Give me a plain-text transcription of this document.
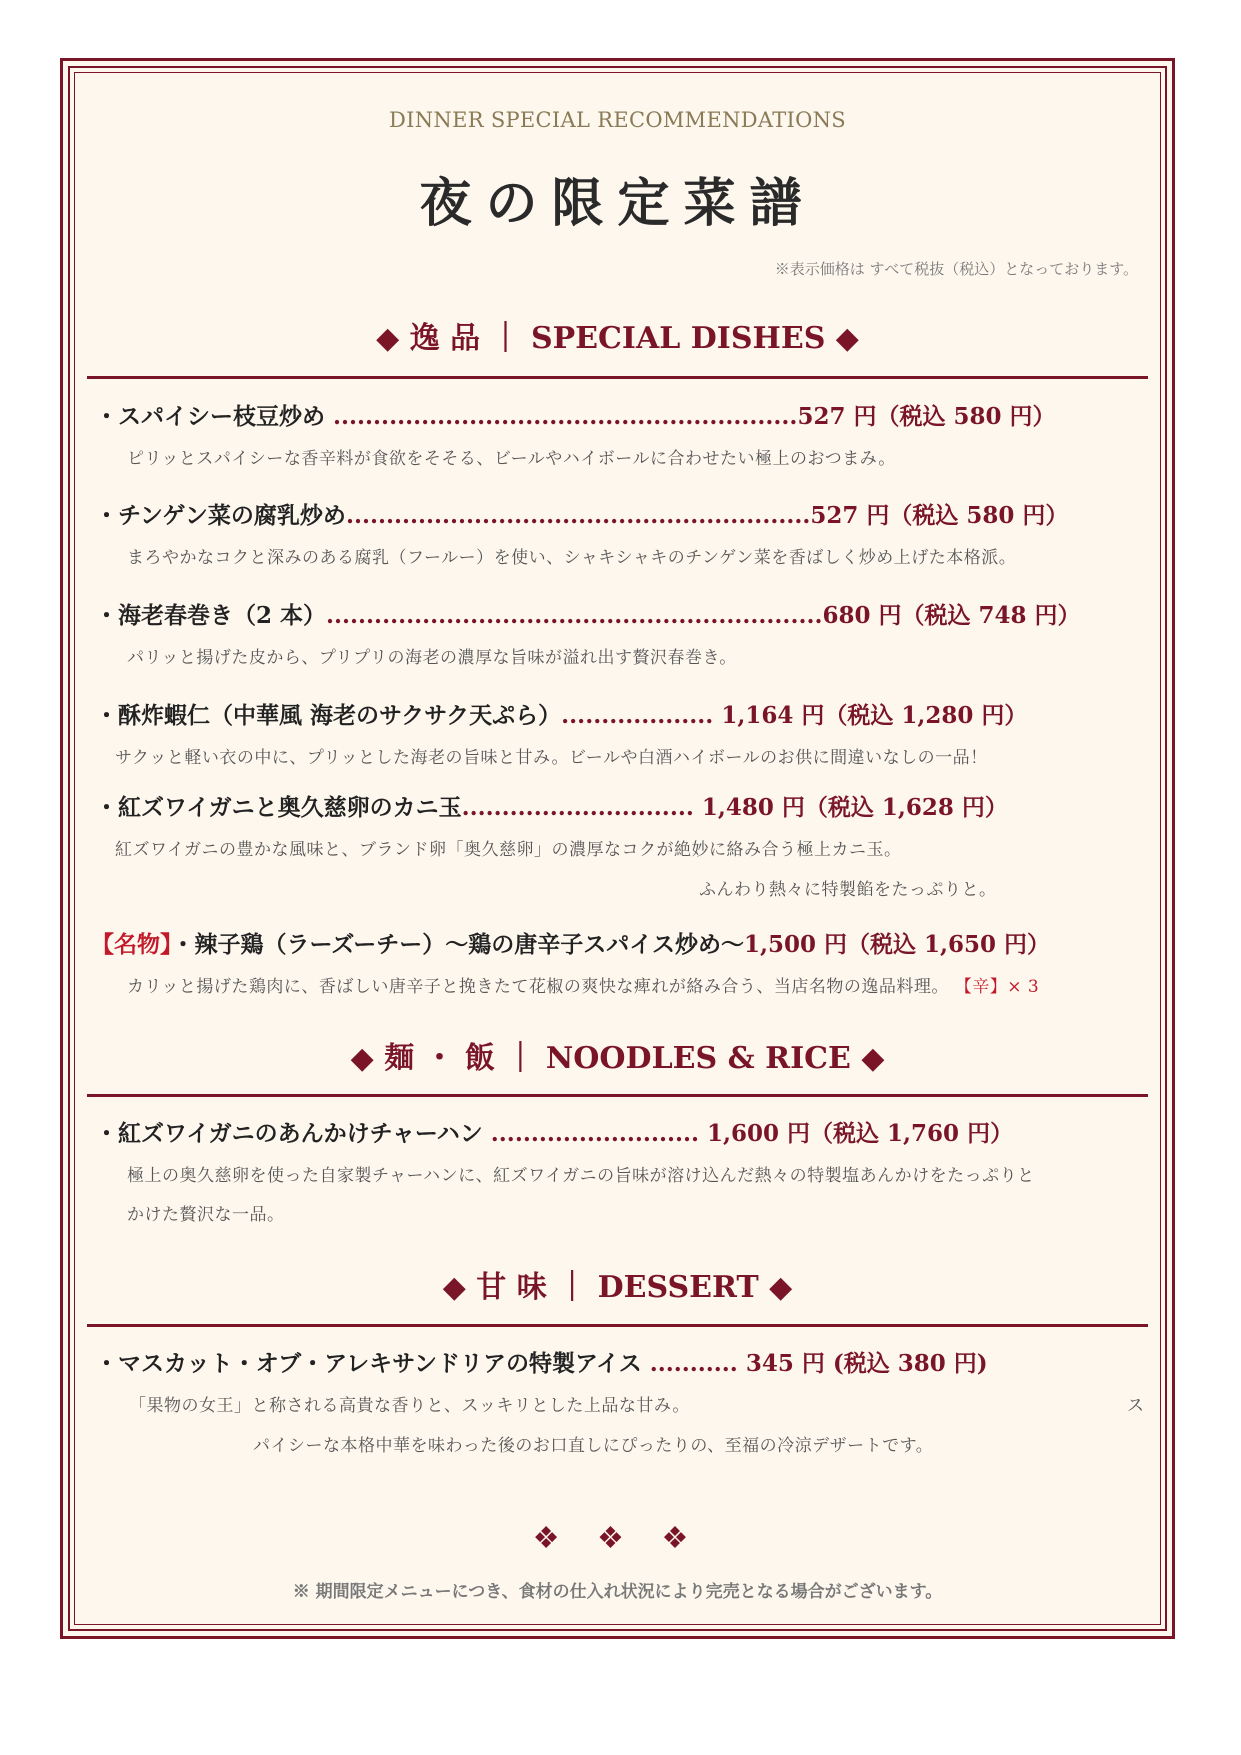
DINNER SPECIAL RECOMMENDATIONS
夜の限定菜譜
※表示価格は すべて税抜（税込）となっております。
◆ 逸 品 ｜ SPECIAL DISHES ◆
・スパイシー枝豆炒め ..........................................................527 円（税込 580 円）
ピリッとスパイシーな香辛料が食欲をそそる、ビールやハイボールに合わせたい極上のおつまみ。
・チンゲン菜の腐乳炒め..........................................................527 円（税込 580 円）
まろやかなコクと深みのある腐乳（フールー）を使い、シャキシャキのチンゲン菜を香ばしく炒め上げた本格派。
・海老春巻き（2 本）..............................................................680 円（税込 748 円）
パリッと揚げた皮から、プリプリの海老の濃厚な旨味が溢れ出す贅沢春巻き。
・酥炸蝦仁（中華風 海老のサクサク天ぷら）................... 1,164 円（税込 1,280 円）
サクッと軽い衣の中に、プリッとした海老の旨味と甘み。ビールや白酒ハイボールのお供に間違いなしの一品！
・紅ズワイガニと奥久慈卵のカニ玉............................. 1,480 円（税込 1,628 円）
紅ズワイガニの豊かな風味と、ブランド卵「奥久慈卵」の濃厚なコクが絶妙に絡み合う極上カニ玉。
ふんわり熱々に特製餡をたっぷりと。
【名物】・辣子鶏（ラーズーチー）〜鶏の唐辛子スパイス炒め〜1,500 円（税込 1,650 円）
カリッと揚げた鶏肉に、香ばしい唐辛子と挽きたて花椒の爽快な痺れが絡み合う、当店名物の逸品料理。 【辛】× 3
◆ 麺 ・ 飯 ｜ NOODLES & RICE ◆
・紅ズワイガニのあんかけチャーハン .......................... 1,600 円（税込 1,760 円）
極上の奥久慈卵を使った自家製チャーハンに、紅ズワイガニの旨味が溶け込んだ熱々の特製塩あんかけをたっぷりと
かけた贅沢な一品。
◆ 甘 味 ｜ DESSERT ◆
・マスカット・オブ・アレキサンドリアの特製アイス ........... 345 円 (税込 380 円)
「果物の女王」と称される高貴な香りと、スッキリとした上品な甘み。	ス
パイシーな本格中華を味わった後のお口直しにぴったりの、至福の冷涼デザートです。
❖ ❖ ❖
※ 期間限定メニューにつき、食材の仕入れ状況により完売となる場合がございます。
